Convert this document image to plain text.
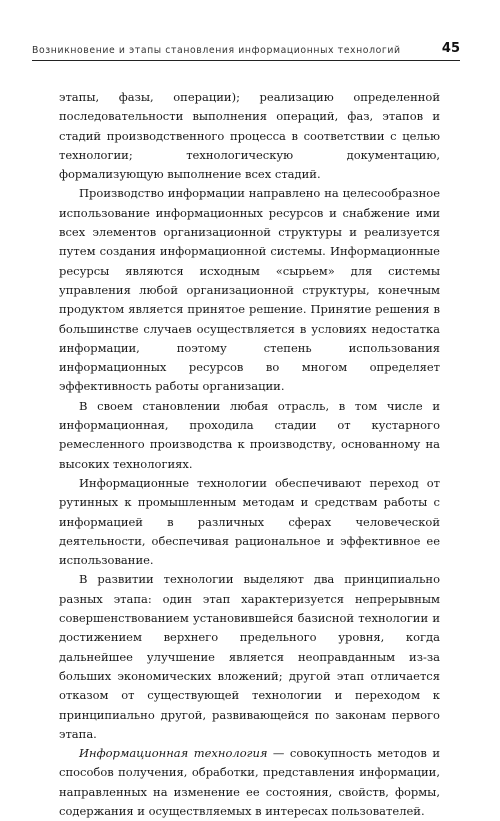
Возникновение и этапы становления информационных технологий	45

этапы, фазы, операции); реализацию определенной последовательности выполнения операций, фаз, этапов и стадий производственного процесса в соответствии с целью технологии; технологическую документацию, формализующую выполнение всех стадий.

Производство информации направлено на целесообразное использование информационных ресурсов и снабжение ими всех элементов организационной структуры и реализуется путем создания информационной системы. Информационные ресурсы являются исходным «сырьем» для системы управления любой организационной структуры, конечным продуктом является принятое решение. Принятие решения в большинстве случаев осуществляется в условиях недостатка информации, поэтому степень использования информационных ресурсов во многом определяет эффективность работы организации.

В своем становлении любая отрасль, в том числе и информационная, проходила стадии от кустарного ремесленного производства к производству, основанному на высоких технологиях.

Информационные технологии обеспечивают переход от рутинных к промышленным методам и средствам работы с информацией в различных сферах человеческой деятельности, обеспечивая рациональное и эффективное ее использование.

В развитии технологии выделяют два принципиально разных этапа: один этап характеризуется непрерывным совершенствованием установившейся базисной технологии и достижением верхнего предельного уровня, когда дальнейшее улучшение является неоправданным из-за больших экономических вложений; другой этап отличается отказом от существующей технологии и переходом к принципиально другой, развивающейся по законам первого этапа.

Информационная технология — совокупность методов и способов получения, обработки, представления информации, направленных на изменение ее состояния, свойств, формы, содержания и осуществляемых в интересах пользователей.
